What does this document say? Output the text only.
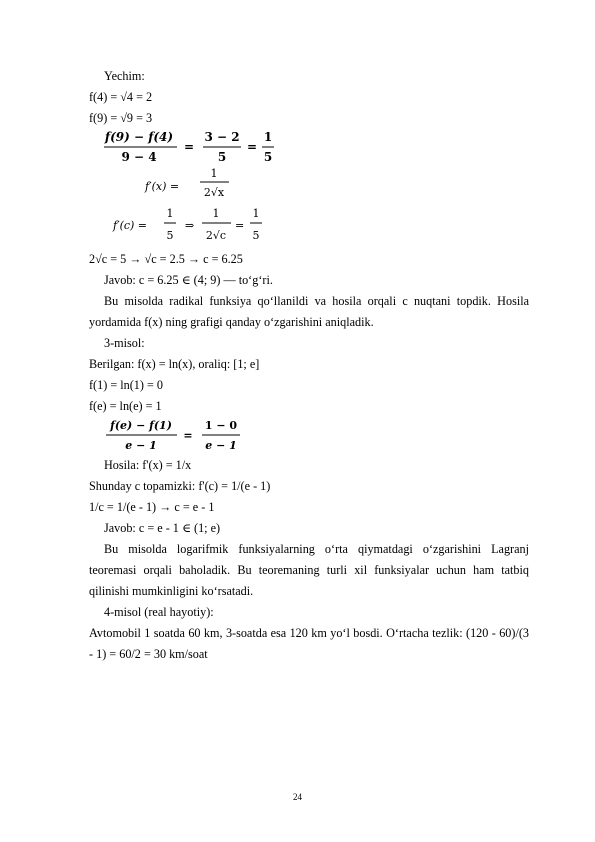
Yechim:
f(4) = √4 = 2
f(9) = √9 = 3
f(9) − f(4)
9 − 4
=
3 − 2
5
=
1
5
f′(x) =
1
2√x
f′(c) =
1
5
⇒
1
2√c
=
1
5
2√c = 5 → √c = 2.5 → c = 6.25
Javob: c = 6.25 ∈ (4; 9) — to‘g‘ri.
Bu misolda radikal funksiya qo‘llanildi va hosila orqali c nuqtani topdik. Hosila yordamida f(x) ning grafigi qanday o‘zgarishini aniqladik.
3-misol:
Berilgan: f(x) = ln(x), oraliq: [1; e]
f(1) = ln(1) = 0
f(e) = ln(e) = 1
f(e) − f(1)
e − 1
=
1 − 0
e − 1
Hosila: f'(x) = 1/x
Shunday c topamizki: f'(c) = 1/(e - 1)
1/c = 1/(e - 1) → c = e - 1
Javob: c = e - 1 ∈ (1; e)
Bu misolda logarifmik funksiyalarning o‘rta qiymatdagi o‘zgarishini Lagranj teoremasi orqali baholadik. Bu teoremaning turli xil funksiyalar uchun ham tatbiq qilinishi mumkinligini ko‘rsatadi.
4-misol (real hayotiy):
Avtomobil 1 soatda 60 km, 3-soatda esa 120 km yo‘l bosdi. O‘rtacha tezlik: (120 - 60)/(3 - 1) = 60/2 = 30 km/soat
24
